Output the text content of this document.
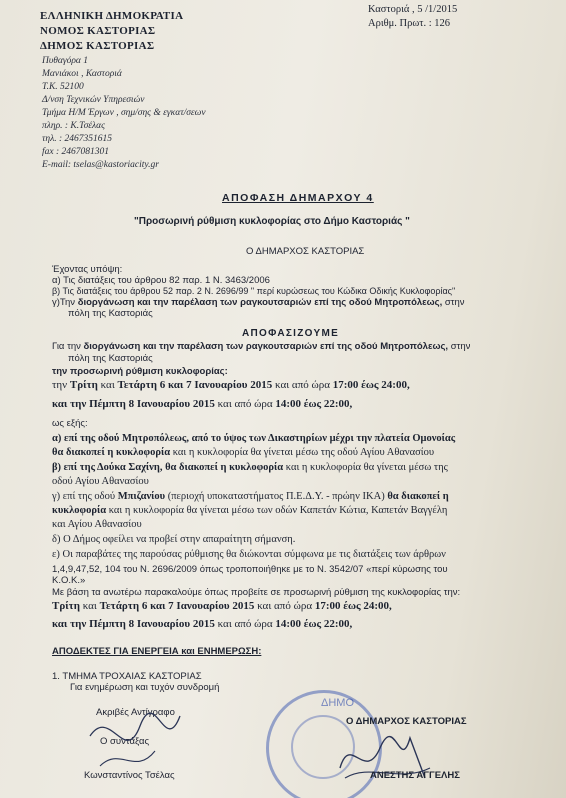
ΕΛΛΗΝΙΚΗ ΔΗΜΟΚΡΑΤΙΑ
ΝΟΜΟΣ ΚΑΣΤΟΡΙΑΣ
ΔΗΜΟΣ ΚΑΣΤΟΡΙΑΣ
Πυθαγόρα 1
Μανιάκοι , Καστοριά
Τ.Κ. 52100
Δ/νση Τεχνικών Υπηρεσιών
Τμήμα Η/Μ Έργων , σημ/σης & εγκατ/σεων
πληρ. : Κ.Τσέλας
τηλ. : 2467351615
fax : 2467081301
E-mail: tselas@kastoriacity.gr
Καστοριά , 5 /1/2015
Αριθμ. Πρωτ. : 126
ΑΠΟΦΑΣΗ ΔΗΜΑΡΧΟΥ 4
"Προσωρινή ρύθμιση κυκλοφορίας στο Δήμο Καστοριάς "
Ο ΔΗΜΑΡΧΟΣ ΚΑΣΤΟΡΙΑΣ
Έχοντας υπόψη:
α) Τις διατάξεις του άρθρου 82 παρ. 1 Ν. 3463/2006
β) Τις διατάξεις του άρθρου 52 παρ. 2 Ν. 2696/99 " περί κυρώσεως του Κώδικα Οδικής Κυκλοφορίας"
γ)Την διοργάνωση και την παρέλαση των ραγκουτσαριών επί της οδού Μητροπόλεως, στην
πόλη της Καστοριάς
ΑΠΟΦΑΣΙΖΟΥΜΕ
Για την διοργάνωση και την παρέλαση των ραγκουτσαριών επί της οδού Μητροπόλεως, στην
πόλη της Καστοριάς
την προσωρινή ρύθμιση κυκλοφορίας:
την Τρίτη και Τετάρτη 6 και 7 Ιανουαρίου 2015 και από ώρα 17:00 έως 24:00,
και την Πέμπτη 8 Ιανουαρίου 2015 και από ώρα 14:00 έως 22:00,
ως εξής:
α) επί της οδού Μητροπόλεως, από το ύψος των Δικαστηρίων μέχρι την πλατεία Ομονοίας
θα διακοπεί η κυκλοφορία και η κυκλοφορία θα γίνεται μέσω της οδού Αγίου Αθανασίου
β) επί της Δούκα Σαχίνη, θα διακοπεί η κυκλοφορία και η κυκλοφορία θα γίνεται μέσω της
οδού Αγίου Αθανασίου
γ) επί της οδού Μπιζανίου (περιοχή υποκαταστήματος Π.Ε.Δ.Υ. - πρώην ΙΚΑ) θα διακοπεί η
κυκλοφορία και η κυκλοφορία θα γίνεται μέσω των οδών Καπετάν Κώτια, Καπετάν Βαγγέλη
και Αγίου Αθανασίου
δ) Ο Δήμος οφείλει να προβεί στην απαραίτητη σήμανση.
ε) Οι παραβάτες της παρούσας ρύθμισης θα διώκονται σύμφωνα με τις διατάξεις των άρθρων
1,4,9,47,52, 104 του Ν. 2696/2009 όπως τροποποιήθηκε με το Ν. 3542/07 «περί κύρωσης του
Κ.Ο.Κ.»
Με βάση τα ανωτέρω παρακαλούμε όπως προβείτε σε προσωρινή ρύθμιση της κυκλοφορίας την:
Τρίτη και Τετάρτη 6 και 7 Ιανουαρίου 2015 και από ώρα 17:00 έως 24:00,
και την Πέμπτη 8 Ιανουαρίου 2015 και από ώρα 14:00 έως 22:00,
ΑΠΟΔΕΚΤΕΣ ΓΙΑ ΕΝΕΡΓΕΙΑ και ΕΝΗΜΕΡΩΣΗ:
1. ΤΜΗΜΑ ΤΡΟΧΑΙΑΣ ΚΑΣΤΟΡΙΑΣ
Για ενημέρωση και τυχόν συνδρομή
Ακριβές Αντίγραφο
Ο συντάξας
Κωνσταντίνος Τσέλας
ΔΗΜΟ
Ο ΔΗΜΑΡΧΟΣ ΚΑΣΤΟΡΙΑΣ
ΑΝΕΣΤΗΣ ΑΓΓΕΛΗΣ
